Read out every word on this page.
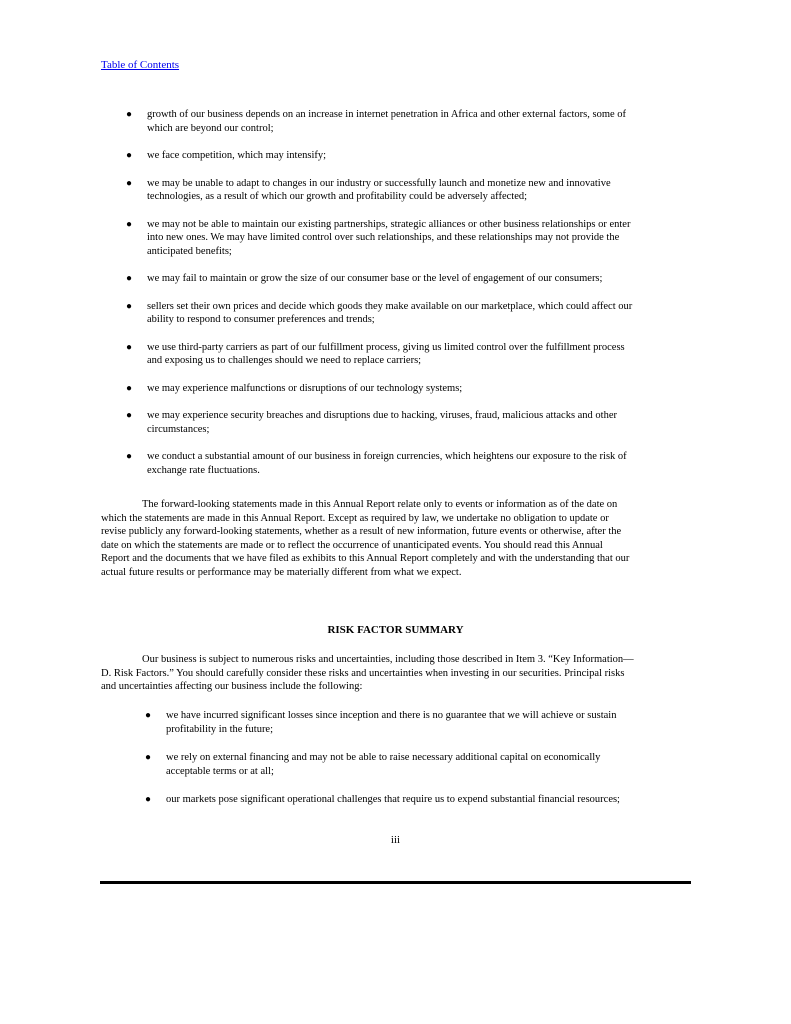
Table of Contents
● growth of our business depends on an increase in internet penetration in Africa and other external factors, some of
which are beyond our control;
● we face competition, which may intensify;
● we may be unable to adapt to changes in our industry or successfully launch and monetize new and innovative
technologies, as a result of which our growth and profitability could be adversely affected;
● we may not be able to maintain our existing partnerships, strategic alliances or other business relationships or enter
into new ones. We may have limited control over such relationships, and these relationships may not provide the
anticipated benefits;
● we may fail to maintain or grow the size of our consumer base or the level of engagement of our consumers;
● sellers set their own prices and decide which goods they make available on our marketplace, which could affect our
ability to respond to consumer preferences and trends;
● we use third-party carriers as part of our fulfillment process, giving us limited control over the fulfillment process
and exposing us to challenges should we need to replace carriers;
● we may experience malfunctions or disruptions of our technology systems;
● we may experience security breaches and disruptions due to hacking, viruses, fraud, malicious attacks and other
circumstances;
● we conduct a substantial amount of our business in foreign currencies, which heightens our exposure to the risk of
exchange rate fluctuations.

The forward-looking statements made in this Annual Report relate only to events or information as of the date on
which the statements are made in this Annual Report. Except as required by law, we undertake no obligation to update or
revise publicly any forward-looking statements, whether as a result of new information, future events or otherwise, after the
date on which the statements are made or to reflect the occurrence of unanticipated events. You should read this Annual
Report and the documents that we have filed as exhibits to this Annual Report completely and with the understanding that our
actual future results or performance may be materially different from what we expect.

RISK FACTOR SUMMARY

Our business is subject to numerous risks and uncertainties, including those described in Item 3. “Key Information—
D. Risk Factors.” You should carefully consider these risks and uncertainties when investing in our securities. Principal risks
and uncertainties affecting our business include the following:

● we have incurred significant losses since inception and there is no guarantee that we will achieve or sustain
profitability in the future;
● we rely on external financing and may not be able to raise necessary additional capital on economically
acceptable terms or at all;
● our markets pose significant operational challenges that require us to expend substantial financial resources;
iii
